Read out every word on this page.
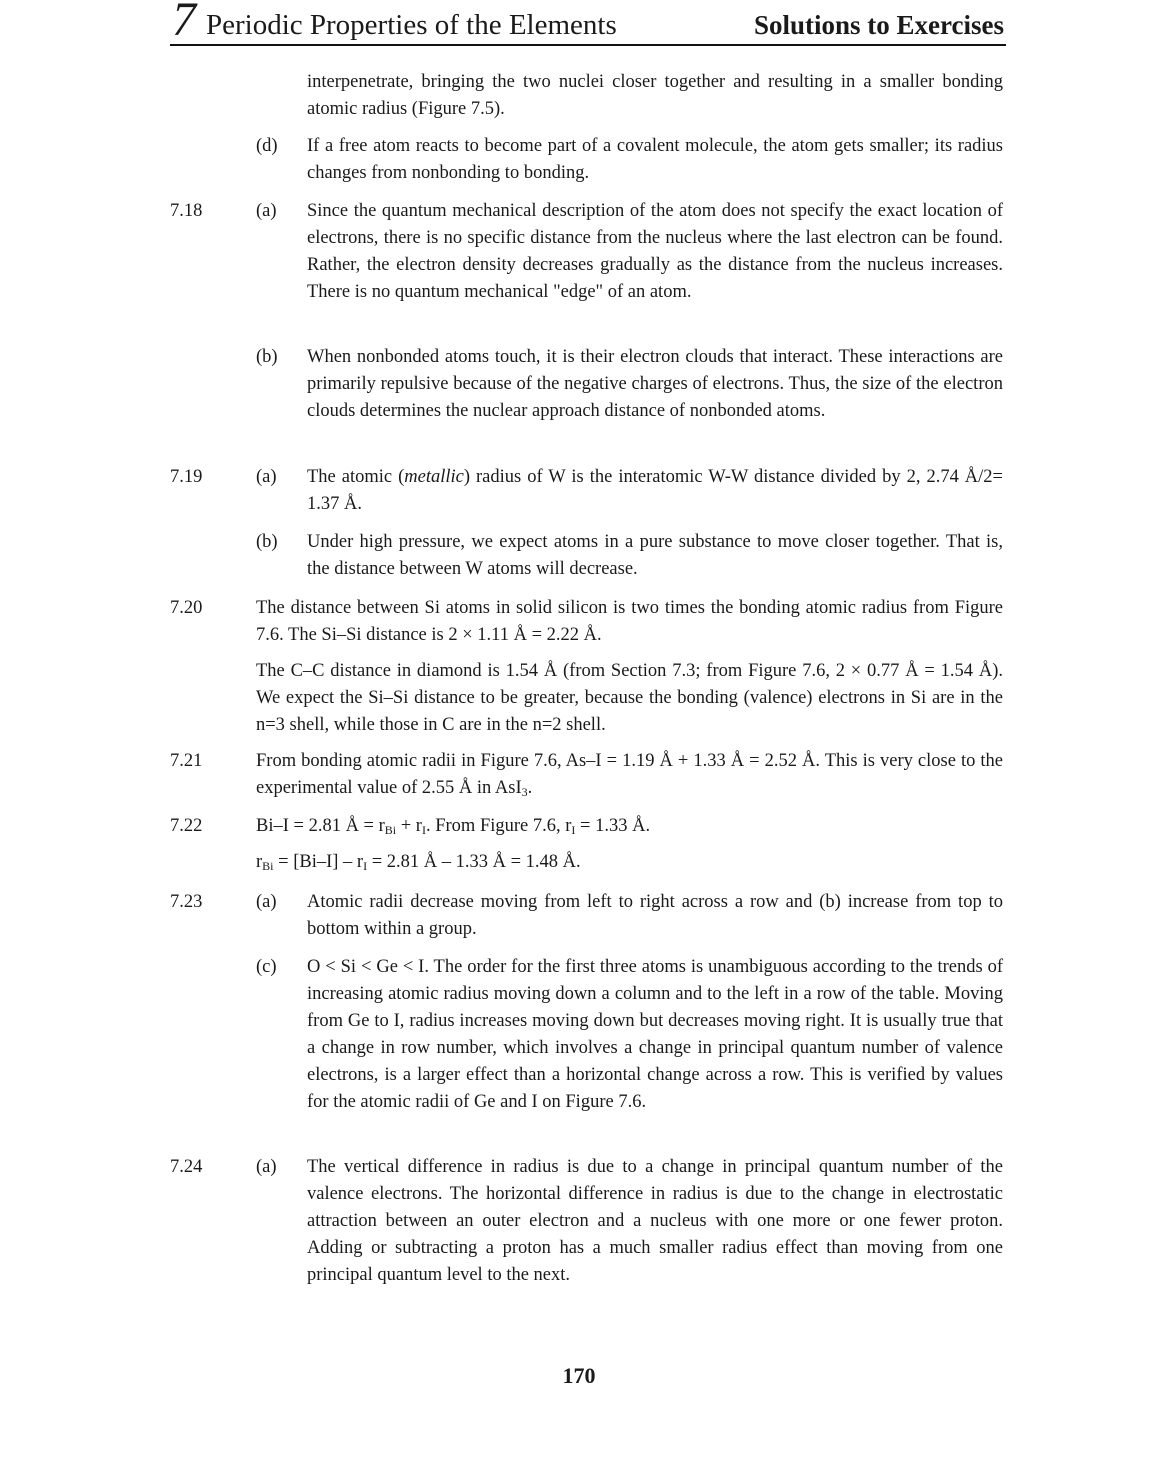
7 Periodic Properties of the Elements	Solutions to Exercises
interpenetrate, bringing the two nuclei closer together and resulting in a smaller bonding atomic radius (Figure 7.5).
(d) If a free atom reacts to become part of a covalent molecule, the atom gets smaller; its radius changes from nonbonding to bonding.
7.18	(a) Since the quantum mechanical description of the atom does not specify the exact location of electrons, there is no specific distance from the nucleus where the last electron can be found. Rather, the electron density decreases gradually as the distance from the nucleus increases. There is no quantum mechanical "edge" of an atom.
(b) When nonbonded atoms touch, it is their electron clouds that interact. These interactions are primarily repulsive because of the negative charges of electrons. Thus, the size of the electron clouds determines the nuclear approach distance of nonbonded atoms.
7.19	(a) The atomic (metallic) radius of W is the interatomic W-W distance divided by 2, 2.74 Å/2= 1.37 Å.
(b) Under high pressure, we expect atoms in a pure substance to move closer together. That is, the distance between W atoms will decrease.
7.20	The distance between Si atoms in solid silicon is two times the bonding atomic radius from Figure 7.6. The Si–Si distance is 2 × 1.11 Å = 2.22 Å.
The C–C distance in diamond is 1.54 Å (from Section 7.3; from Figure 7.6, 2 × 0.77 Å = 1.54 Å). We expect the Si–Si distance to be greater, because the bonding (valence) electrons in Si are in the n=3 shell, while those in C are in the n=2 shell.
7.21	From bonding atomic radii in Figure 7.6, As–I = 1.19 Å + 1.33 Å = 2.52 Å. This is very close to the experimental value of 2.55 Å in AsI$_3$.
7.22	Bi–I = 2.81 Å = $r_{Bi} + r_I$. From Figure 7.6, $r_I = 1.33$ Å.
$r_{Bi} = [Bi-I] - r_I = 2.81$ Å – 1.33 Å = 1.48 Å.
7.23	(a) Atomic radii decrease moving from left to right across a row and (b) increase from top to bottom within a group.
(c) O < Si < Ge < I. The order for the first three atoms is unambiguous according to the trends of increasing atomic radius moving down a column and to the left in a row of the table. Moving from Ge to I, radius increases moving down but decreases moving right. It is usually true that a change in row number, which involves a change in principal quantum number of valence electrons, is a larger effect than a horizontal change across a row. This is verified by values for the atomic radii of Ge and I on Figure 7.6.
7.24	(a) The vertical difference in radius is due to a change in principal quantum number of the valence electrons. The horizontal difference in radius is due to the change in electrostatic attraction between an outer electron and a nucleus with one more or one fewer proton. Adding or subtracting a proton has a much smaller radius effect than moving from one principal quantum level to the next.
170
